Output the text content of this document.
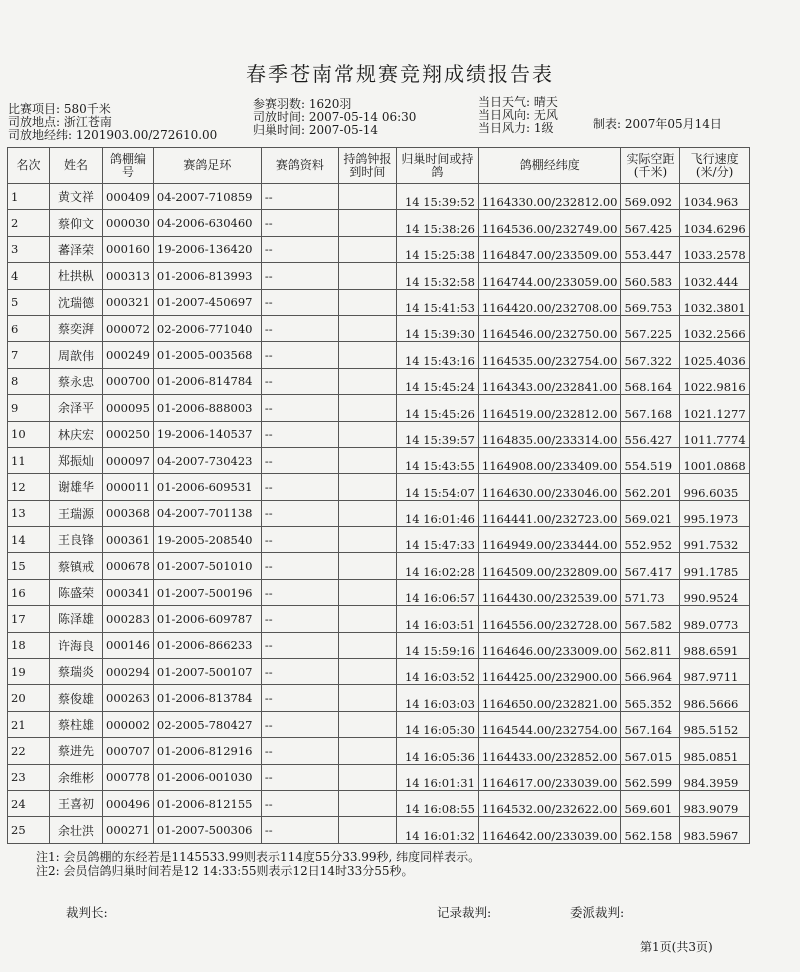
春季苍南常规赛竞翔成绩报告表
比赛项目: 580千米
司放地点: 浙江苍南
司放地经纬: 1201903.00/272610.00
参赛羽数: 1620羽
司放时间: 2007-05-14 06:30
归巢时间: 2007-05-14
当日天气: 晴天
当日风向: 无风
当日风力: 1级	制表: 2007年05月14日
名次	姓名	鸽棚编号	赛鸽足环	赛鸽资料	持鸽钟报到时间	归巢时间或持鸽	鸽棚经纬度	实际空距(千米)	飞行速度(米/分)
1	黄文祥	000409	04-2007-710859	--		14 15:39:52	1164330.00/232812.00	569.092	1034.963
2	蔡仰文	000030	04-2006-630460	--		14 15:38:26	1164536.00/232749.00	567.425	1034.6296
3	蕃泽荣	000160	19-2006-136420	--		14 15:25:38	1164847.00/233509.00	553.447	1033.2578
4	杜拱枞	000313	01-2006-813993	--		14 15:32:58	1164744.00/233059.00	560.583	1032.444
5	沈瑞德	000321	01-2007-450697	--		14 15:41:53	1164420.00/232708.00	569.753	1032.3801
6	蔡奕湃	000072	02-2006-771040	--		14 15:39:30	1164546.00/232750.00	567.225	1032.2566
7	周歆伟	000249	01-2005-003568	--		14 15:43:16	1164535.00/232754.00	567.322	1025.4036
8	蔡永忠	000700	01-2006-814784	--		14 15:45:24	1164343.00/232841.00	568.164	1022.9816
9	余泽平	000095	01-2006-888003	--		14 15:45:26	1164519.00/232812.00	567.168	1021.1277
10	林庆宏	000250	19-2006-140537	--		14 15:39:57	1164835.00/233314.00	556.427	1011.7774
11	郑振灿	000097	04-2007-730423	--		14 15:43:55	1164908.00/233409.00	554.519	1001.0868
12	谢雄华	000011	01-2006-609531	--		14 15:54:07	1164630.00/233046.00	562.201	996.6035
13	王瑞源	000368	04-2007-701138	--		14 16:01:46	1164441.00/232723.00	569.021	995.1973
14	王良锋	000361	19-2005-208540	--		14 15:47:33	1164949.00/233444.00	552.952	991.7532
15	蔡镇戒	000678	01-2007-501010	--		14 16:02:28	1164509.00/232809.00	567.417	991.1785
16	陈盛荣	000341	01-2007-500196	--		14 16:06:57	1164430.00/232539.00	571.73	990.9524
17	陈泽雄	000283	01-2006-609787	--		14 16:03:51	1164556.00/232728.00	567.582	989.0773
18	许海良	000146	01-2006-866233	--		14 15:59:16	1164646.00/233009.00	562.811	988.6591
19	蔡瑞炎	000294	01-2007-500107	--		14 16:03:52	1164425.00/232900.00	566.964	987.9711
20	蔡俊雄	000263	01-2006-813784	--		14 16:03:03	1164650.00/232821.00	565.352	986.5666
21	蔡柱雄	000002	02-2005-780427	--		14 16:05:30	1164544.00/232754.00	567.164	985.5152
22	蔡进先	000707	01-2006-812916	--		14 16:05:36	1164433.00/232852.00	567.015	985.0851
23	余维彬	000778	01-2006-001030	--		14 16:01:31	1164617.00/233039.00	562.599	984.3959
24	王喜初	000496	01-2006-812155	--		14 16:08:55	1164532.00/232622.00	569.601	983.9079
25	余壮洪	000271	01-2007-500306	--		14 16:01:32	1164642.00/233039.00	562.158	983.5967
注1: 会员鸽棚的东经若是1145533.99则表示114度55分33.99秒, 纬度同样表示。
注2: 会员信鸽归巢时间若是12 14:33:55则表示12日14时33分55秒。
裁判长:	记录裁判:	委派裁判:
第1页(共3页)
